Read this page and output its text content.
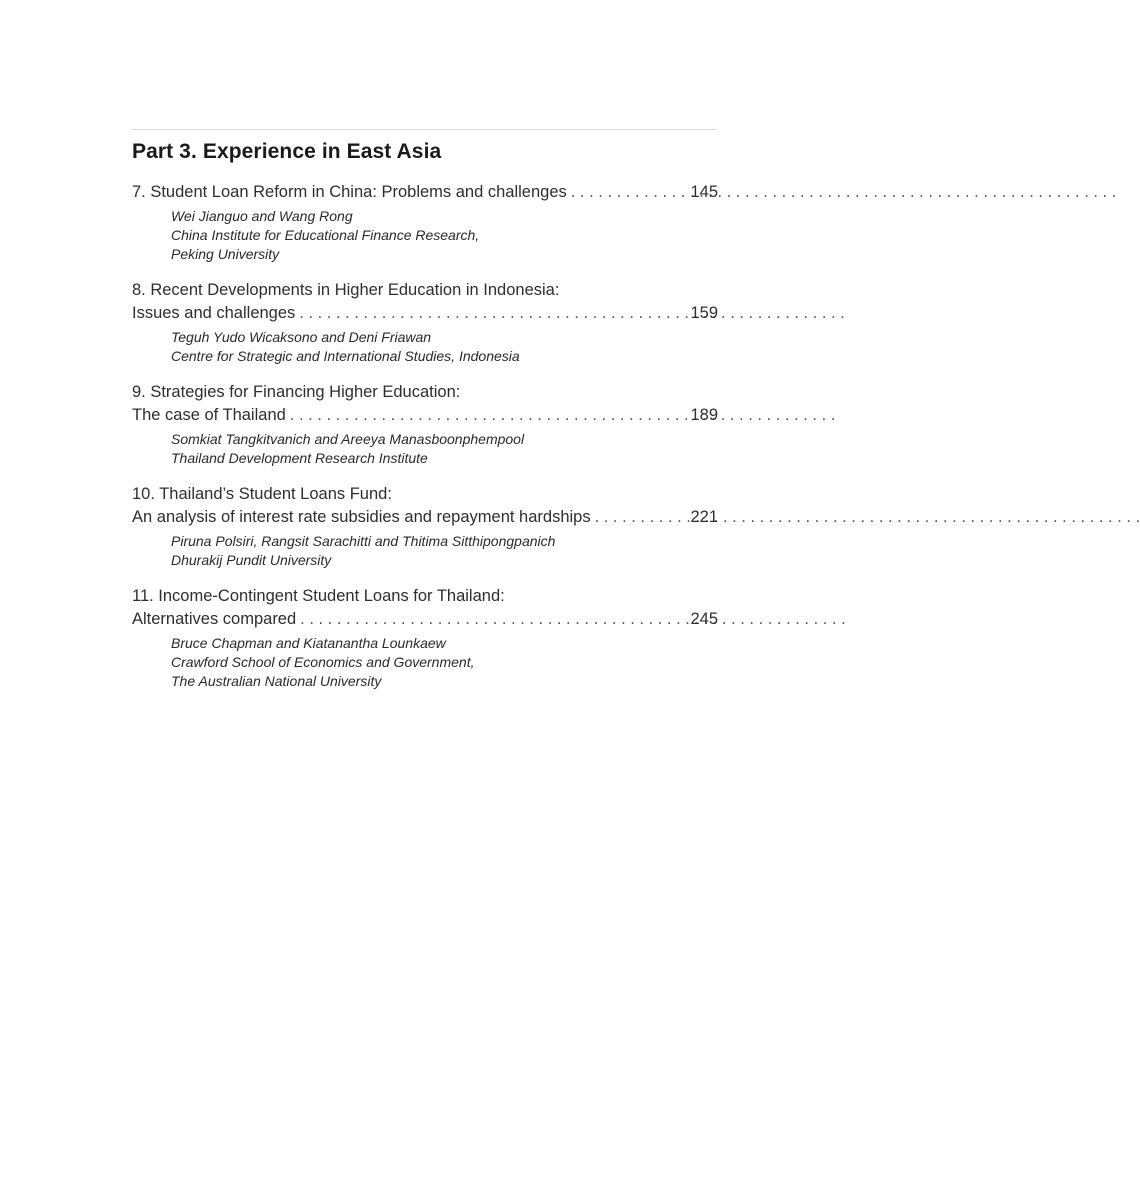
Part 3. Experience in East Asia
7. Student Loan Reform in China: Problems and challenges . . .	145
Wei Jianguo and Wang Rong
China Institute for Educational Finance Research,
Peking University
8. Recent Developments in Higher Education in Indonesia:
Issues and challenges . . .	159
Teguh Yudo Wicaksono and Deni Friawan
Centre for Strategic and International Studies, Indonesia
9. Strategies for Financing Higher Education:
The case of Thailand . . .	189
Somkiat Tangkitvanich and Areeya Manasboonphempool
Thailand Development Research Institute
10. Thailand’s Student Loans Fund:
An analysis of interest rate subsidies and repayment hardships . . .	221
Piruna Polsiri, Rangsit Sarachitti and Thitima Sitthipongpanich
Dhurakij Pundit University
11. Income-Contingent Student Loans for Thailand:
Alternatives compared . . .	245
Bruce Chapman and Kiatanantha Lounkaew
Crawford School of Economics and Government,
The Australian National University
